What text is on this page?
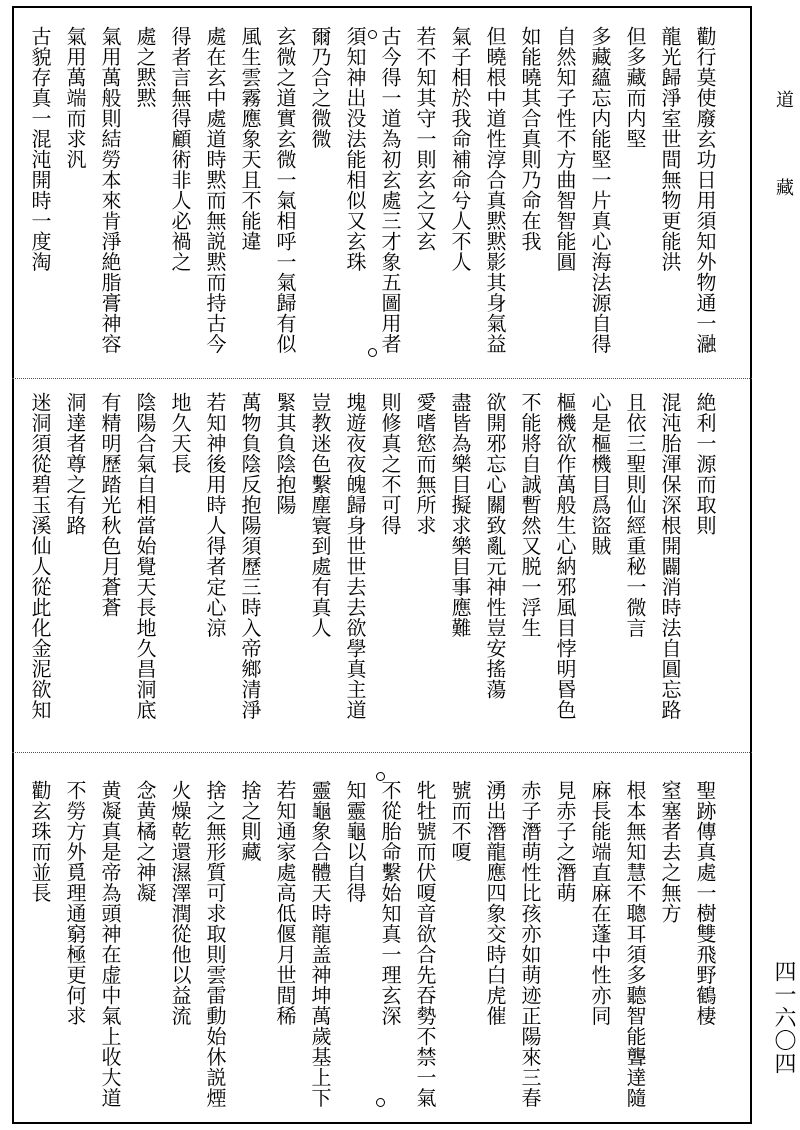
勸行莫使廢玄功日用須知外物通一瀜
龍光歸淨室世間無物更能洪
但多藏而内堅
多藏蘊忘内能堅一片真心海法源自得
自然知子性不方曲智智能圓
如能曉其合真則乃命在我
但曉根中道性淳合真黙黙影其身氣益
氣子相於我命補命兮人不人
若不知其守一則玄之又玄
古今得一道為初玄處三才象五圖用者
須知神出没法能相似又玄珠
爾乃合之微微
玄微之道實玄微一氣相呼一氣歸有似
風生雲霧應象天且不能違
處在玄中處道時黙而無説黙而持古今
得者言無得顧術非人必禍之
處之黙黙
氣用萬般則結勞本來肯淨絶脂膏神容
氣用萬端而求汎
古貌存真一混沌開時一度淘
絶利一源而取則
混沌胎渾保深根開闢消時法自圓忘路
且依三聖則仙經重秘一微言
心是樞機目爲盜賊
樞機欲作萬般生心納邪風目悖明昬色
不能將自誠暫然又脱一浮生
欲開邪忘心關致亂元神性豈安搖蕩
盡皆為樂目擬求樂目事應難
愛嗜慾而無所求
則修真之不可得
塊遊夜夜魄歸身世世去去欲學真主道
豈教迷色繫塵寰到處有真人
緊其負陰抱陽
萬物負陰反抱陽須歷三時入帝鄉清淨
若知神後用時人得者定心涼
地久天長
陰陽合氣自相當始覺天長地久昌洞底
有精明歷踏光秋色月蒼蒼
洞達者尊之有路
迷洞須從碧玉溪仙人從此化金泥欲知
聖跡傳真處一樹雙飛野鶴棲
窒塞者去之無方
根本無知慧不聰耳須多聽智能聾達隨
麻長能端直麻在蓬中性亦同
見赤子之潛萌
赤子潛萌性比孩亦如萌迹正陽來三春
湧出潛龍應四象交時白虎催
號而不嗄
牝牡號而伏嗄音欲合先吞勢不禁一氣
不從胎命繫始知真一理玄深
知靈龜以自得
靈龜象合體天時龍盖神坤萬歲基上下
若知通家處高低偃月世間稀
捨之則藏
捨之無形質可求取則雲雷動始休説煙
火燥乾還濕澤潤從他以益流
念黄橘之神凝
黄凝真是帝為頭神在虚中氣上收大道
不勞方外覓理通窮極更何求
勸玄珠而並長
道
藏
四一六〇四
